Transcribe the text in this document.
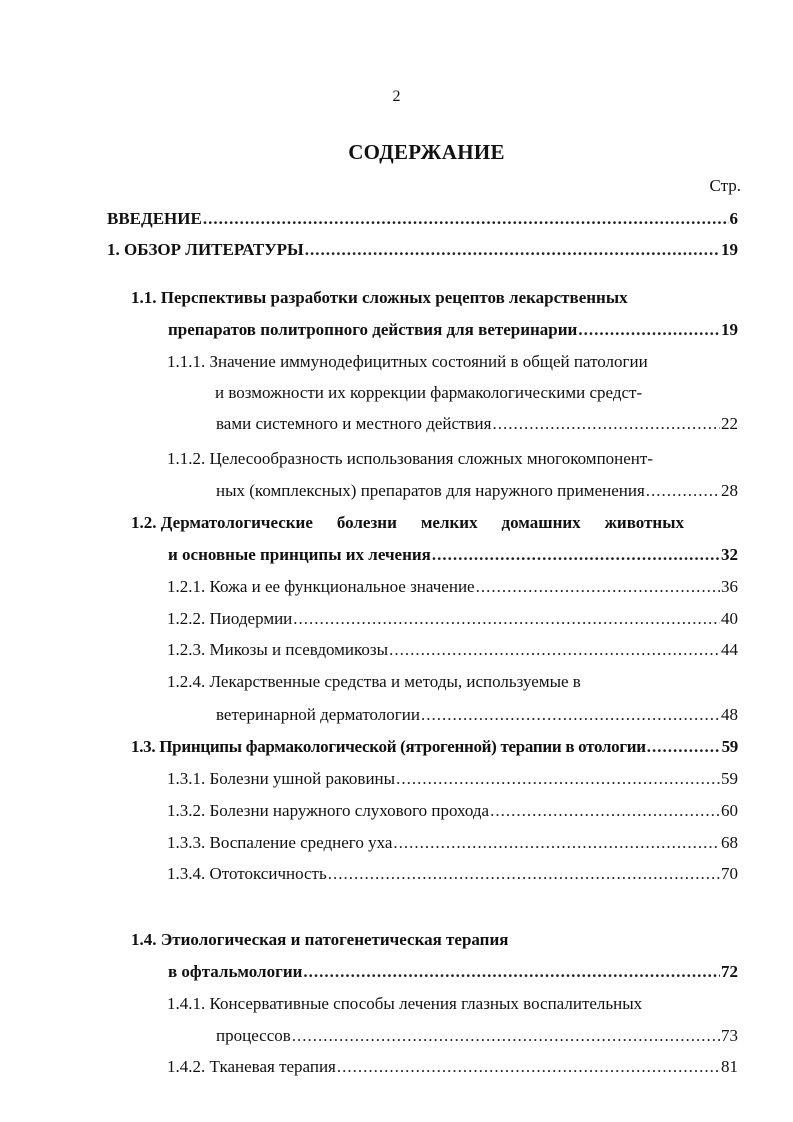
2
СОДЕРЖАНИЕ
Стр.
ВВЕДЕНИЕ .....	6
1. ОБЗОР ЛИТЕРАТУРЫ .....	19
1.1. Перспективы разработки сложных рецептов лекарственных
препаратов политропного действия для ветеринарии .....	19
1.1.1. Значение иммунодефицитных состояний в общей патологии
и возможности их коррекции фармакологическими средст-
вами системного и местного действия .....	22
1.1.2. Целесообразность использования сложных многокомпонент-
ных (комплексных) препаратов для наружного применения .....	28
1.2. Дерматологические болезни мелких домашних животных
и основные принципы их лечения .....	32
1.2.1. Кожа и ее функциональное значение .....	36
1.2.2. Пиодермии .....	40
1.2.3. Микозы и псевдомикозы .....	44
1.2.4. Лекарственные средства и методы, используемые в
ветеринарной дерматологии .....	48
1.3. Принципы фармакологической (ятрогенной) терапии в отологии .....	59
1.3.1. Болезни ушной раковины .....	59
1.3.2. Болезни наружного слухового прохода .....	60
1.3.3. Воспаление среднего уха .....	68
1.3.4. Ототоксичность .....	70
1.4. Этиологическая и патогенетическая терапия
в офтальмологии .....	72
1.4.1. Консервативные способы лечения глазных воспалительных
процессов .....	73
1.4.2. Тканевая терапия .....	81
